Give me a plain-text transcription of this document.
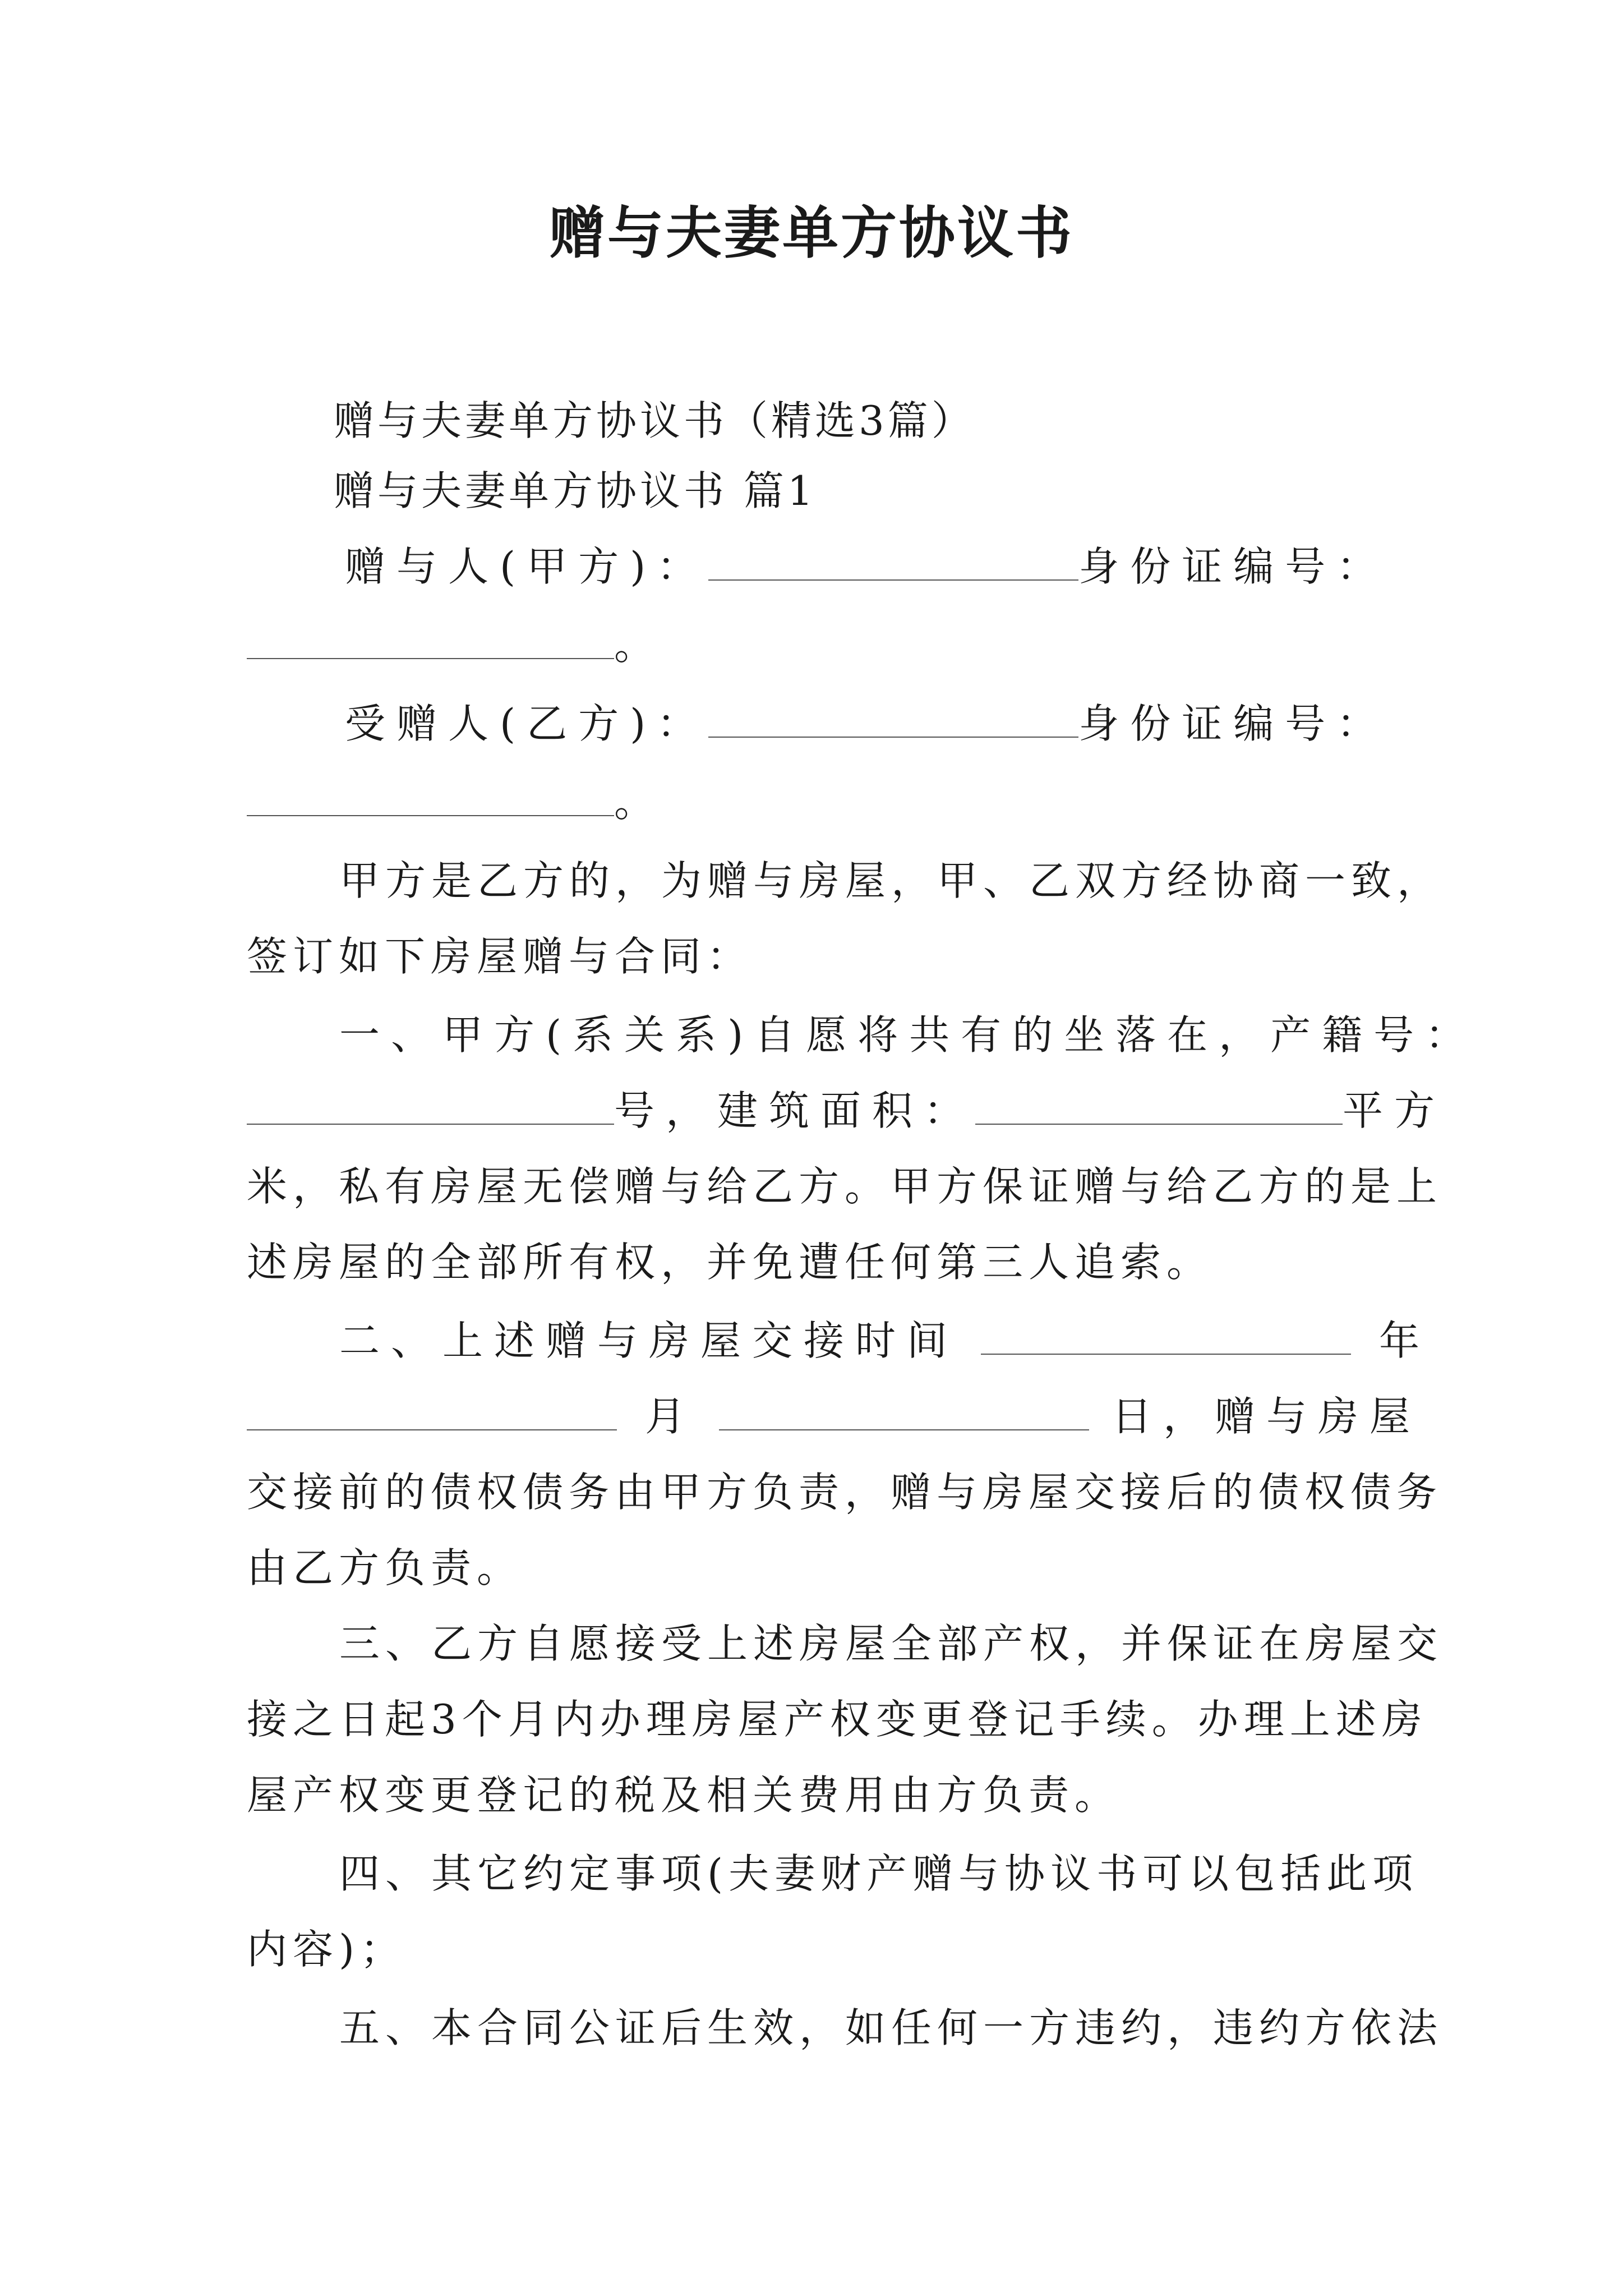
赠与夫妻单方协议书
赠与夫妻单方协议书（精选3篇）
赠与夫妻单方协议书 篇1
赠与人(甲方)：	身份证编号：
。
受赠人(乙方)：	身份证编号：
。
甲方是乙方的，为赠与房屋，甲、乙双方经协商一致，
签订如下房屋赠与合同：
一、甲方(系关系)自愿将共有的坐落在，产籍号：
号，建筑面积：	平方
米，私有房屋无偿赠与给乙方。甲方保证赠与给乙方的是上
述房屋的全部所有权，并免遭任何第三人追索。
二、上述赠与房屋交接时间	年
月	日，赠与房屋
交接前的债权债务由甲方负责，赠与房屋交接后的债权债务
由乙方负责。
三、乙方自愿接受上述房屋全部产权，并保证在房屋交
接之日起3个月内办理房屋产权变更登记手续。办理上述房
屋产权变更登记的税及相关费用由方负责。
四、其它约定事项(夫妻财产赠与协议书可以包括此项
内容)；
五、本合同公证后生效，如任何一方违约，违约方依法
